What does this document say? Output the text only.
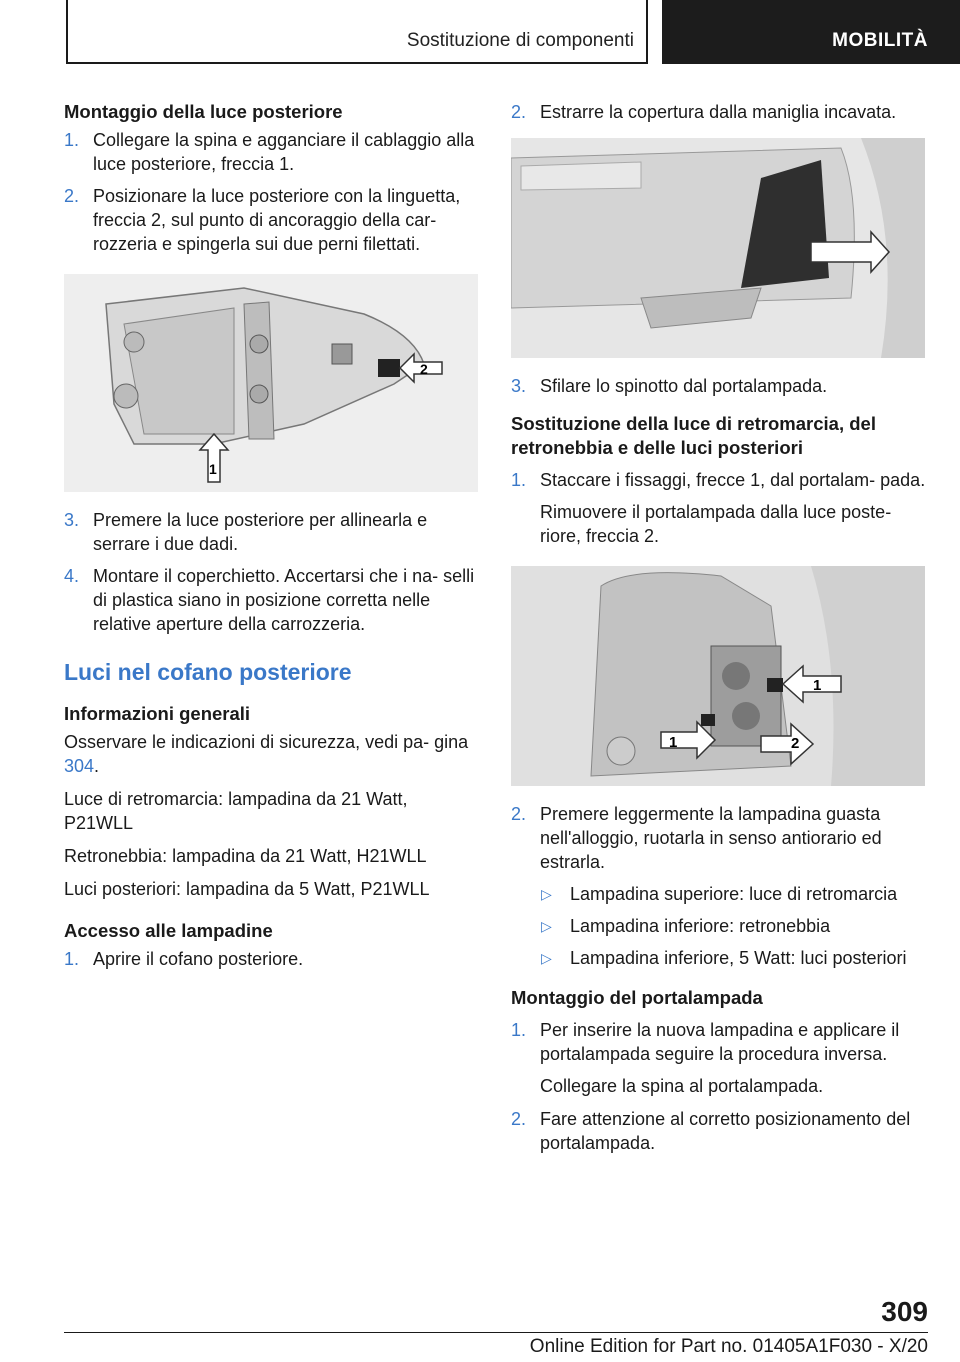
Sostituzione di componenti	MOBILITÀ
Montaggio della luce posteriore
1. Collegare la spina e agganciare il cablaggio alla luce posteriore, freccia 1.
2. Posizionare la luce posteriore con la linguetta, freccia 2, sul punto di ancoraggio della car- rozzeria e spingerla sui due perni filettati.
2
1
3. Premere la luce posteriore per allinearla e serrare i due dadi.
4. Montare il coperchietto. Accertarsi che i na- selli di plastica siano in posizione corretta nelle relative aperture della carrozzeria.
Luci nel cofano posteriore
Informazioni generali

Osservare le indicazioni di sicurezza, vedi pa- gina 304.

Luce di retromarcia: lampadina da 21 Watt, P21WLL

Retronebbia: lampadina da 21 Watt, H21WLL

Luci posteriori: lampadina da 5 Watt, P21WLL

Accesso alle lampadine
1. Aprire il cofano posteriore.
2. Estrarre la copertura dalla maniglia incavata.
3. Sfilare lo spinotto dal portalampada.
Sostituzione della luce di retromarcia, del retronebbia e delle luci posteriori
1. Staccare i fissaggi, frecce 1, dal portalam- pada.
Rimuovere il portalampada dalla luce poste- riore, freccia 2.
1
1	2
2. Premere leggermente la lampadina guasta nell'alloggio, ruotarla in senso antiorario ed estrarla.
▷ Lampadina superiore: luce di retromarcia
▷ Lampadina inferiore: retronebbia
▷ Lampadina inferiore, 5 Watt: luci posteriori
Montaggio del portalampada
1. Per inserire la nuova lampadina e applicare il portalampada seguire la procedura inversa.
Collegare la spina al portalampada.
2. Fare attenzione al corretto posizionamento del portalampada.
309
Online Edition for Part no. 01405A1F030 - X/20
